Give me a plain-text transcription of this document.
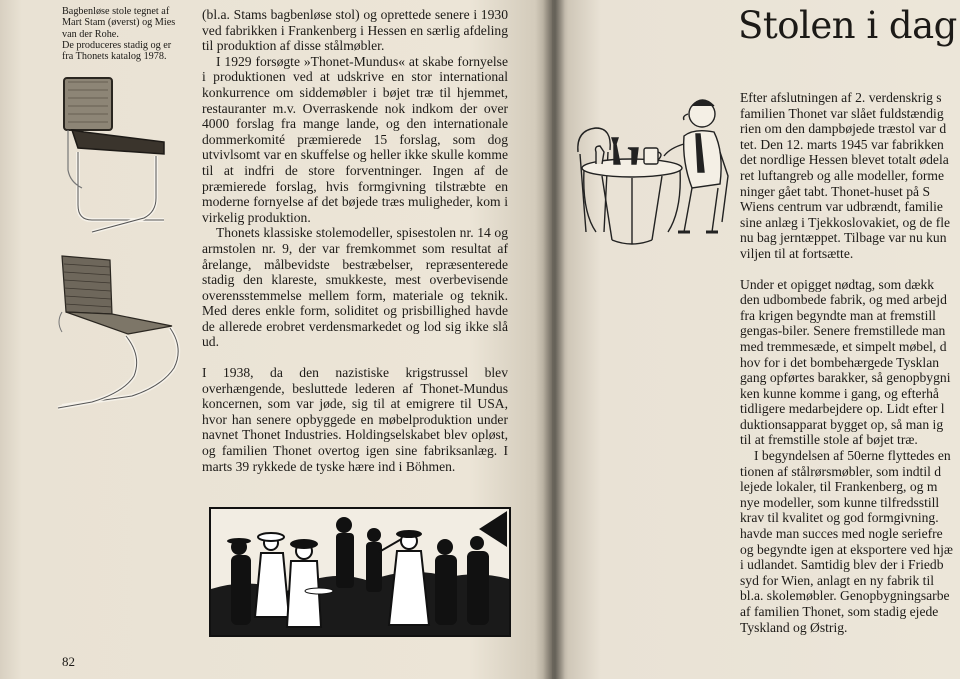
Bagbenløse stole tegnet af
Mart Stam (øverst) og Mies
van der Rohe.
De produceres stadig og er
fra Thonets katalog 1978.

(bl.a. Stams bagbenløse stol) og oprettede senere i 1930 ved fabrikken i Frankenberg i Hessen en særlig afdeling til produktion af disse stålmøbler.

I 1929 forsøgte »Thonet-Mundus« at skabe fornyelse i produktionen ved at udskrive en stor international konkurrence om siddemøbler i bøjet træ til hjemmet, restauranter m.v. Overraskende nok indkom der over 4000 forslag fra mange lande, og den internationale dommerkomité præmierede 15 forslag, som dog utvivlsomt var en skuffelse og heller ikke skulle komme til at indfri de store forventninger. Ingen af de præmierede forslag, hvis formgivning tilstræbte en moderne fornyelse af det bøjede træs muligheder, kom i virkelig produktion.

Thonets klassiske stolemodeller, spisestolen nr. 14 og armstolen nr. 9, der var fremkommet som resultat af årelange, målbevidste bestræbelser, repræsenterede stadig den klareste, smukkeste, mest overbevisende overensstemmelse mellem form, materiale og teknik. Med deres enkle form, soliditet og prisbillighed havde de allerede erobret verdensmarkedet og lod sig ikke slå ud.

I 1938, da den nazistiske krigstrussel blev overhængende, besluttede lederen af Thonet-Mundus koncernen, som var jøde, sig til at emigrere til USA, hvor han senere opbyggede en møbelproduktion under navnet Thonet Industries. Holdingselskabet blev opløst, og familien Thonet overtog igen sine fabriksanlæg. I marts 39 rykkede de tyske hære ind i Böhmen.

82
Stolen i dag

Efter afslutningen af 2. verdenskrig s
familien Thonet var slået fuldstændig
rien om den dampbøjede træstol var d
tet. Den 12. marts 1945 var fabrikken
det nordlige Hessen blevet totalt ødela
ret luftangreb og alle modeller, forme
ninger gået tabt. Thonet-huset på S
Wiens centrum var udbrændt, familie
sine anlæg i Tjekkoslovakiet, og de fle
nu bag jerntæppet. Tilbage var nu kun
viljen til at fortsætte.

Under et opigget nødtag, som dækk
den udbombede fabrik, og med arbejd
fra krigen begyndte man at fremstill
gengas-biler. Senere fremstillede man
med tremmesæde, et simpelt møbel, d
hov for i det bombehærgede Tysklan
gang opførtes barakker, så genopbygni
ken kunne komme i gang, og efterhå
tidligere medarbejdere op. Lidt efter l
duktionsapparat bygget op, så man ig
til at fremstille stole af bøjet træ.

I begyndelsen af 50erne flyttedes en
tionen af stålrørsmøbler, som indtil d
lejede lokaler, til Frankenberg, og m
nye modeller, som kunne tilfredsstill
krav til kvalitet og god formgivning.
havde man succes med nogle seriefre
og begyndte igen at eksportere ved hjæ
i udlandet. Samtidig blev der i Friedb
syd for Wien, anlagt en ny fabrik til
bl.a. skolemøbler. Genopbygningsarbe
af familien Thonet, som stadig ejede
Tyskland og Østrig.
